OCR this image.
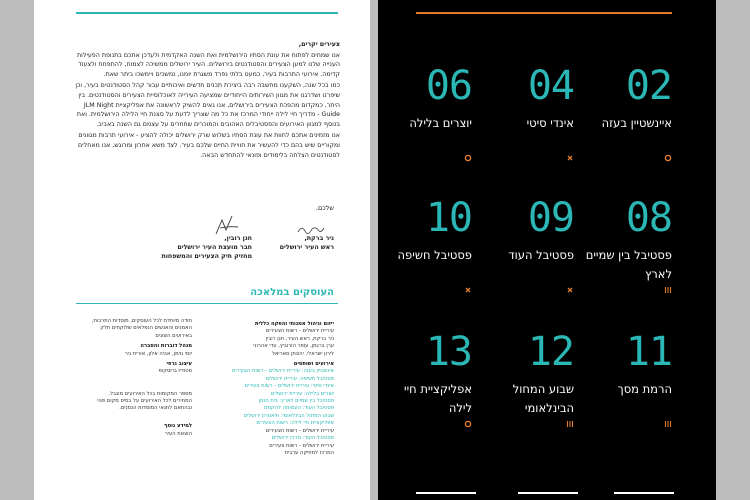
צעירים יקרים,

אנו שמחים לפתוח את עונת הסתיו הירושלמית ואת השנה האקדמית ולעדכן אתכם בתנופת הפעילות הענייה שלנו למען הצעירים והסטודנטים בירושלים. העיר ירושלים ממשיכה לצמוח, להתפתח ולצעוד קדימה. אירועי התרבות בעיר, כמעט בלתי נפרד משגרת יומנו, נמשכים ויימשכו ביתר שאת.

כמו בכל שנה, השקענו מחשבה רבה ביצירת תכנים חדשים ואיכותיים עבור קהל הסטודנטים בעיר, וכן שיפרנו ושדרגנו את מגוון השירותים הייחודיים שמציעה העירייה לאוכלוסיית הצעירים והסטודנטים. בין היתר, כמקדום מהפכת הצעירים בירושלים, אנו גאים להשיק לראשונה את אפליקציית JLM Night Guide - מדריך חיי לילה ייחודי המרכז את כל מה שצריך לדעת על סצנת חיי הלילה הירושלמית. ואת בנוסף למגוון האירועים והפסטיבלים האהובים והמוכרים שחוזרים על עצמם גם השנה באביב.

אנו מזמינים אתכם לחוות את עונת הסתיו בשלוש שרק ירושלים יכולה להציע - אירועי תרבות מגוונים ומקוריים שיש בהם כדי להעשיר את חוויית החיים שלכם בעיר. לצד משא אחרון ומרוגש, אנו מאחלים לסטודנטים הצלחה בלימודים ופונאי להתחדש הבאה.

שלכם,
ניר ברקת,
ראש העיר ירושלים
חנן רובין,
חבר מועצת העיר ירושלים
מחזיק תיק הצעירים והמשפחות
העוסקים במלאכה
ייזום וניהול אמנותי והפקה כללית
עיריית ירושלים - רשות הצעירים
ניר ברקת, ראש העיר, חנן רובין
ערן ברגמן, עופר הורוביץ, עדי אהרוני
לירון ישראלי, יהונתן סאריאל
אירועים ושותפים
אינשטיין בעזה: עיריית ירושלים - רשות הצעירים
פסטיבל חשיפה: עיריית ירושלים
אינדי סיטי: עיריית ירושלים - רשות צעירים
יוצרים בלילה: עיריית ירושלים
פסטיבל בין שמיים לארץ: בית הנסן
פסטיבל העוד: העמותה להקמת
שבוע המחול הבינלאומי: תיאטרון ירושלים
אפליקציית חיי לילה: רשות הצעירים
עיריית ירושלים - רשות הצעירים
פסטיבל העוד: מרכז ירושלים
עיריית ירושלים - רשות צעירים
המרכז למוזיקה ערבית
תודה מיוחדת לכל העוסקים, מוסדות התרבות,
האמנים והאנשים הנפלאים שלוקחים חלק
באירועים השונים
מנהל דוברות והסברה
יוסי נוימן, אביה אלון, אורית גיר
עיצוב גרפי
סטודיו גרוסקופ

מספר המקומות בכל האירועים מוגבל.
המחירים לכל האירועים על בסיס מקום פנוי
ובהתאם לתנאי המוסדות הנמנים.

למידע נוסף
הוצאת העיר
02
איינשטיין בעזה
04
אינדי סיטי
06
יוצרים בלילה
08
פסטיבל בין שמיים לארץ
09
פסטיבל העוד
10
פסטיבל חשיפה
11
הרמת מסך
12
שבוע המחול הבינלאומי
13
אפליקציית חיי לילה
